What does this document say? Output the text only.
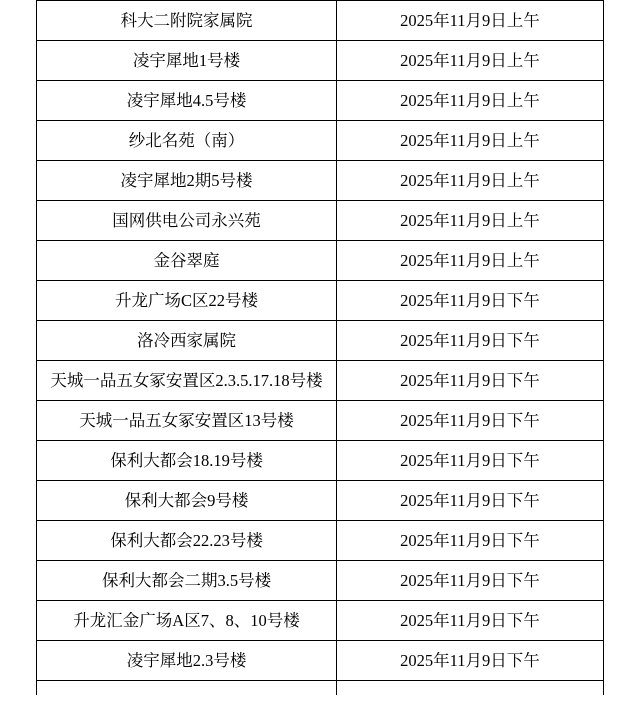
科大二附院家属院	2025年11月9日上午
凌宇犀地1号楼	2025年11月9日上午
凌宇犀地4.5号楼	2025年11月9日上午
纱北名苑（南）	2025年11月9日上午
凌宇犀地2期5号楼	2025年11月9日上午
国网供电公司永兴苑	2025年11月9日上午
金谷翠庭	2025年11月9日上午
升龙广场C区22号楼	2025年11月9日下午
洛冷西家属院	2025年11月9日下午
天城一品五女冢安置区2.3.5.17.18号楼	2025年11月9日下午
天城一品五女冢安置区13号楼	2025年11月9日下午
保利大都会18.19号楼	2025年11月9日下午
保利大都会9号楼	2025年11月9日下午
保利大都会22.23号楼	2025年11月9日下午
保利大都会二期3.5号楼	2025年11月9日下午
升龙汇金广场A区7、8、10号楼	2025年11月9日下午
凌宇犀地2.3号楼	2025年11月9日下午
